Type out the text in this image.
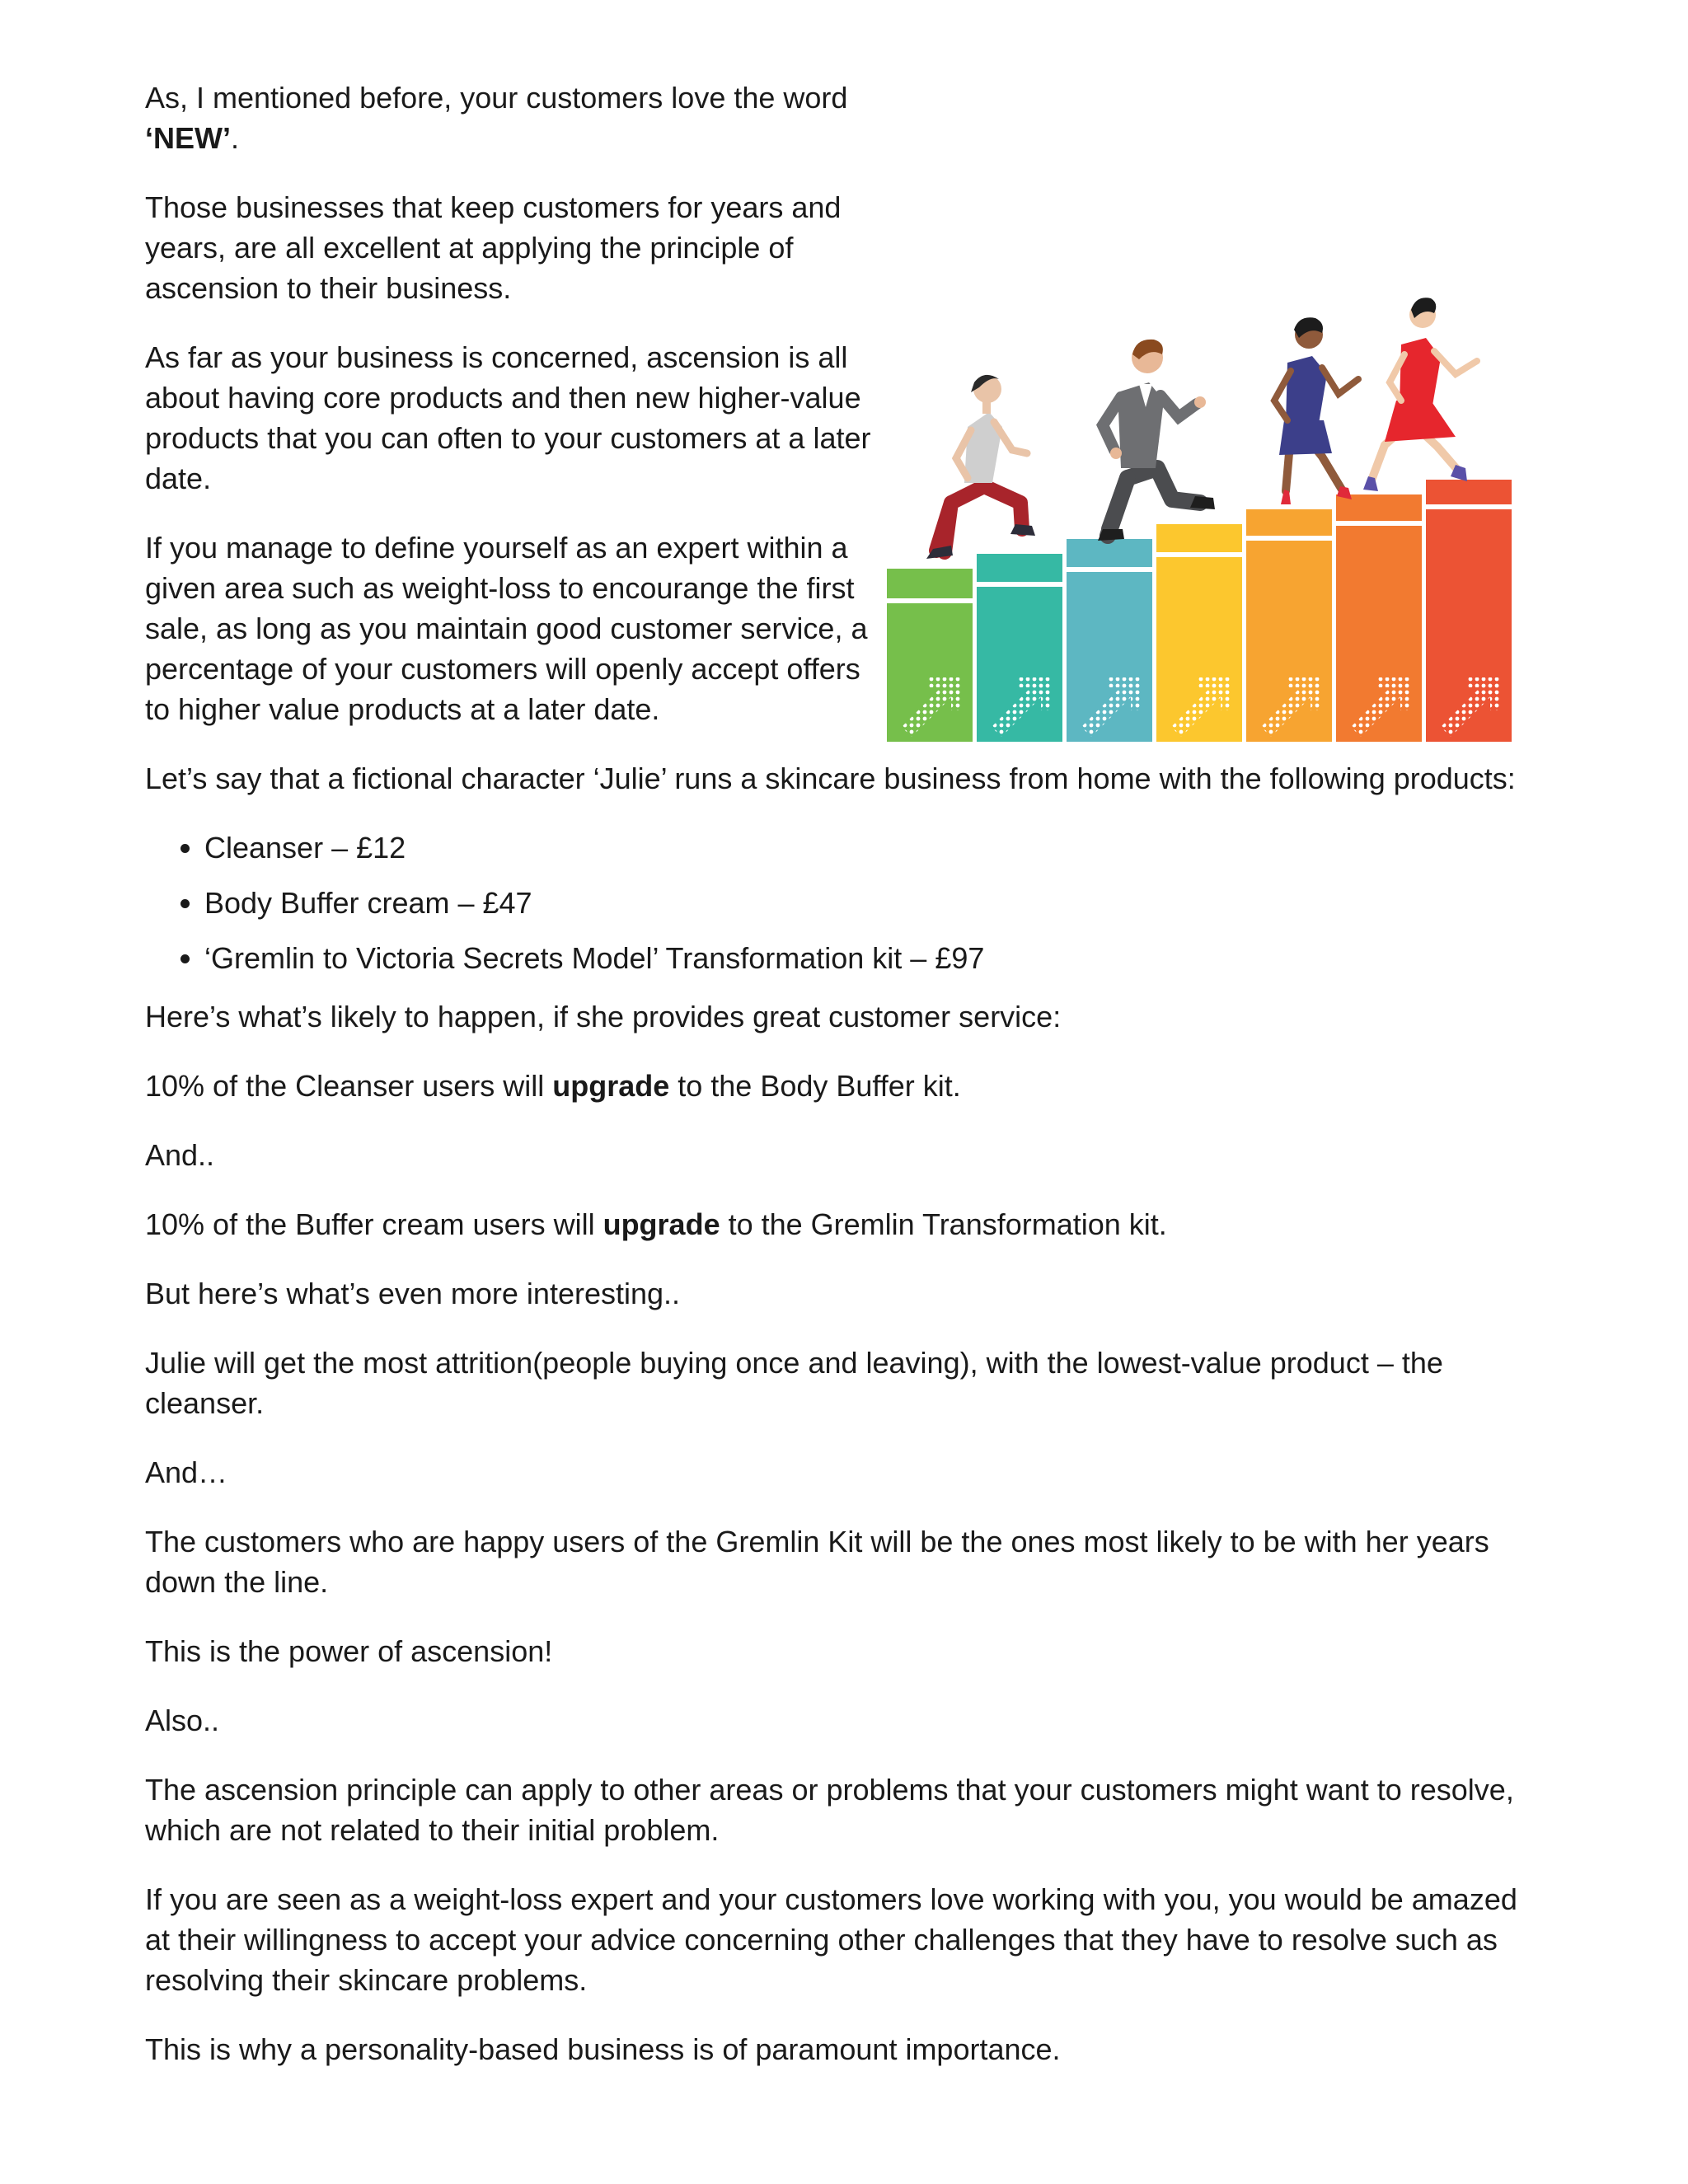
As, I mentioned before, your customers love the word ‘NEW’.

Those businesses that keep customers for years and years, are all excellent at applying the principle of ascension to their business.

As far as your business is concerned, ascension is all about having core products and then new higher-value products that you can often to your customers at a later date.

If you manage to define yourself as an expert within a given area such as weight-loss to encourange the first sale, as long as you maintain good customer service, a percentage of your customers will openly accept offers to higher value products at a later date.

Let’s say that a fictional character ‘Julie’ runs a skincare business from home with the following products:

• Cleanser – £12
• Body Buffer cream – £47
• ‘Gremlin to Victoria Secrets Model’ Transformation kit – £97

Here’s what’s likely to happen, if she provides great customer service:

10% of the Cleanser users will upgrade to the Body Buffer kit.

And..

10% of the Buffer cream users will upgrade to the Gremlin Transformation kit.

But here’s what’s even more interesting..

Julie will get the most attrition(people buying once and leaving), with the lowest-value product – the cleanser.

And…

The customers who are happy users of the Gremlin Kit will be the ones most likely to be with her years down the line.

This is the power of ascension!

Also..

The ascension principle can apply to other areas or problems that your customers might want to resolve, which are not related to their initial problem.

If you are seen as a weight-loss expert and your customers love working with you, you would be amazed at their willingness to accept your advice concerning other challenges that they have to resolve such as resolving their skincare problems.

This is why a personality-based business is of paramount importance.
